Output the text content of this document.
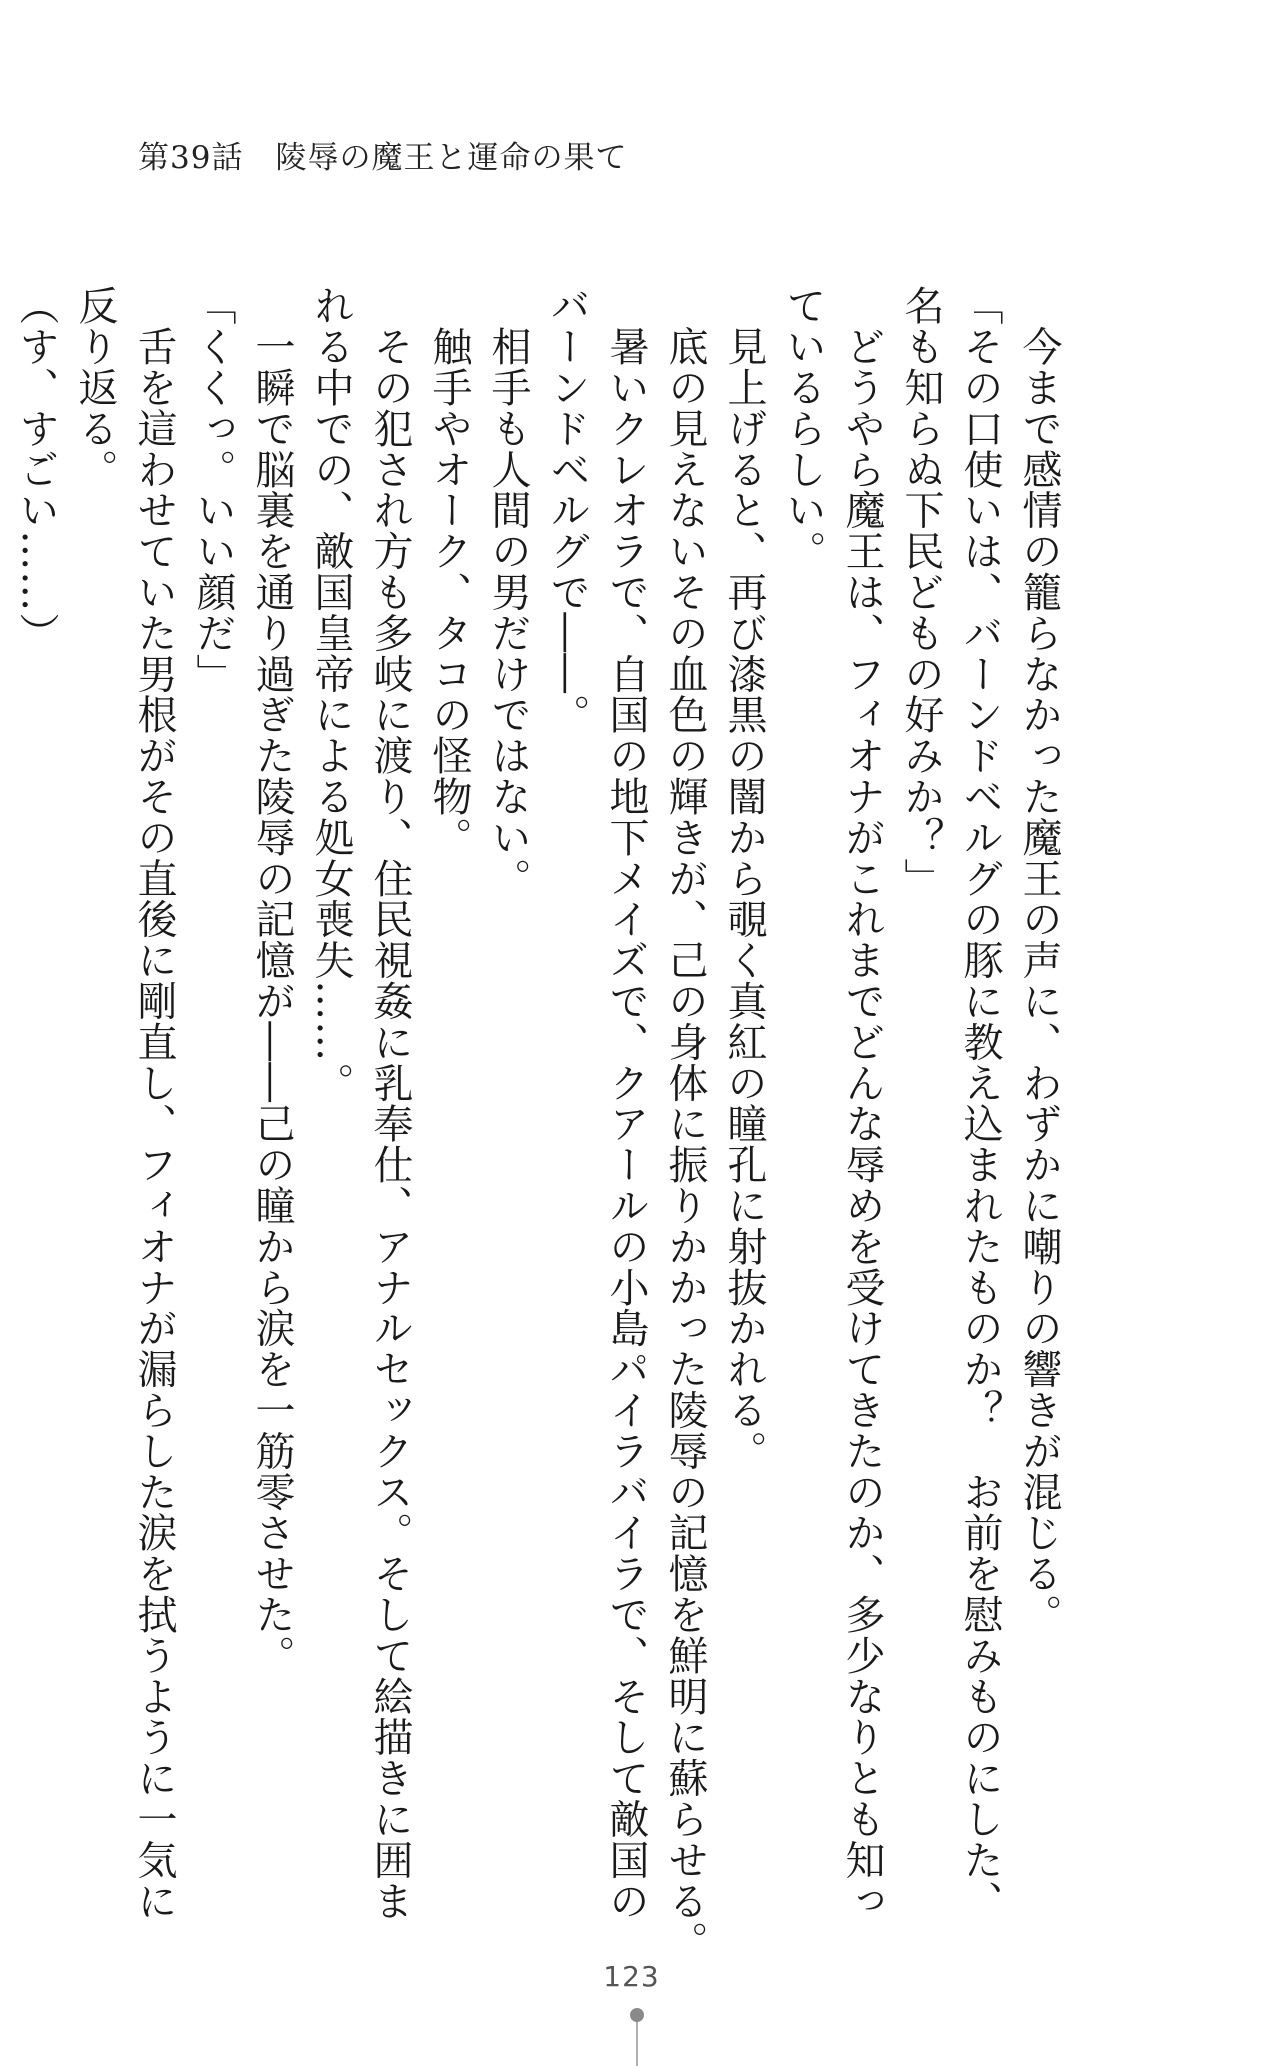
第39話　陵辱の魔王と運命の果て
　今まで感情の籠らなかった魔王の声に、わずかに嘲りの響きが混じる。
「その口使いは、バーンドベルグの豚に教え込まれたものか？　お前を慰みものにした、
名も知らぬ下民どもの好みか？」
　どうやら魔王は、フィオナがこれまでどんな辱めを受けてきたのか、多少なりとも知っ
ているらしい。
　見上げると、再び漆黒の闇から覗く真紅の瞳孔に射抜かれる。
　底の見えないその血色の輝きが、己の身体に振りかかった陵辱の記憶を鮮明に蘇らせる。
　暑いクレオラで、自国の地下メイズで、クアールの小島パイラバイラで、そして敵国の
バーンドベルグで――。
　相手も人間の男だけではない。
　触手やオーク、タコの怪物。
　その犯され方も多岐に渡り、住民視姦に乳奉仕、アナルセックス。そして絵描きに囲ま
れる中での、敵国皇帝による処女喪失……。
　一瞬で脳裏を通り過ぎた陵辱の記憶が――己の瞳から涙を一筋零させた。
「くくっ。いい顔だ」
　舌を這わせていた男根がその直後に剛直し、フィオナが漏らした涙を拭うように一気に
反り返る。
（す、すごい……）
123
